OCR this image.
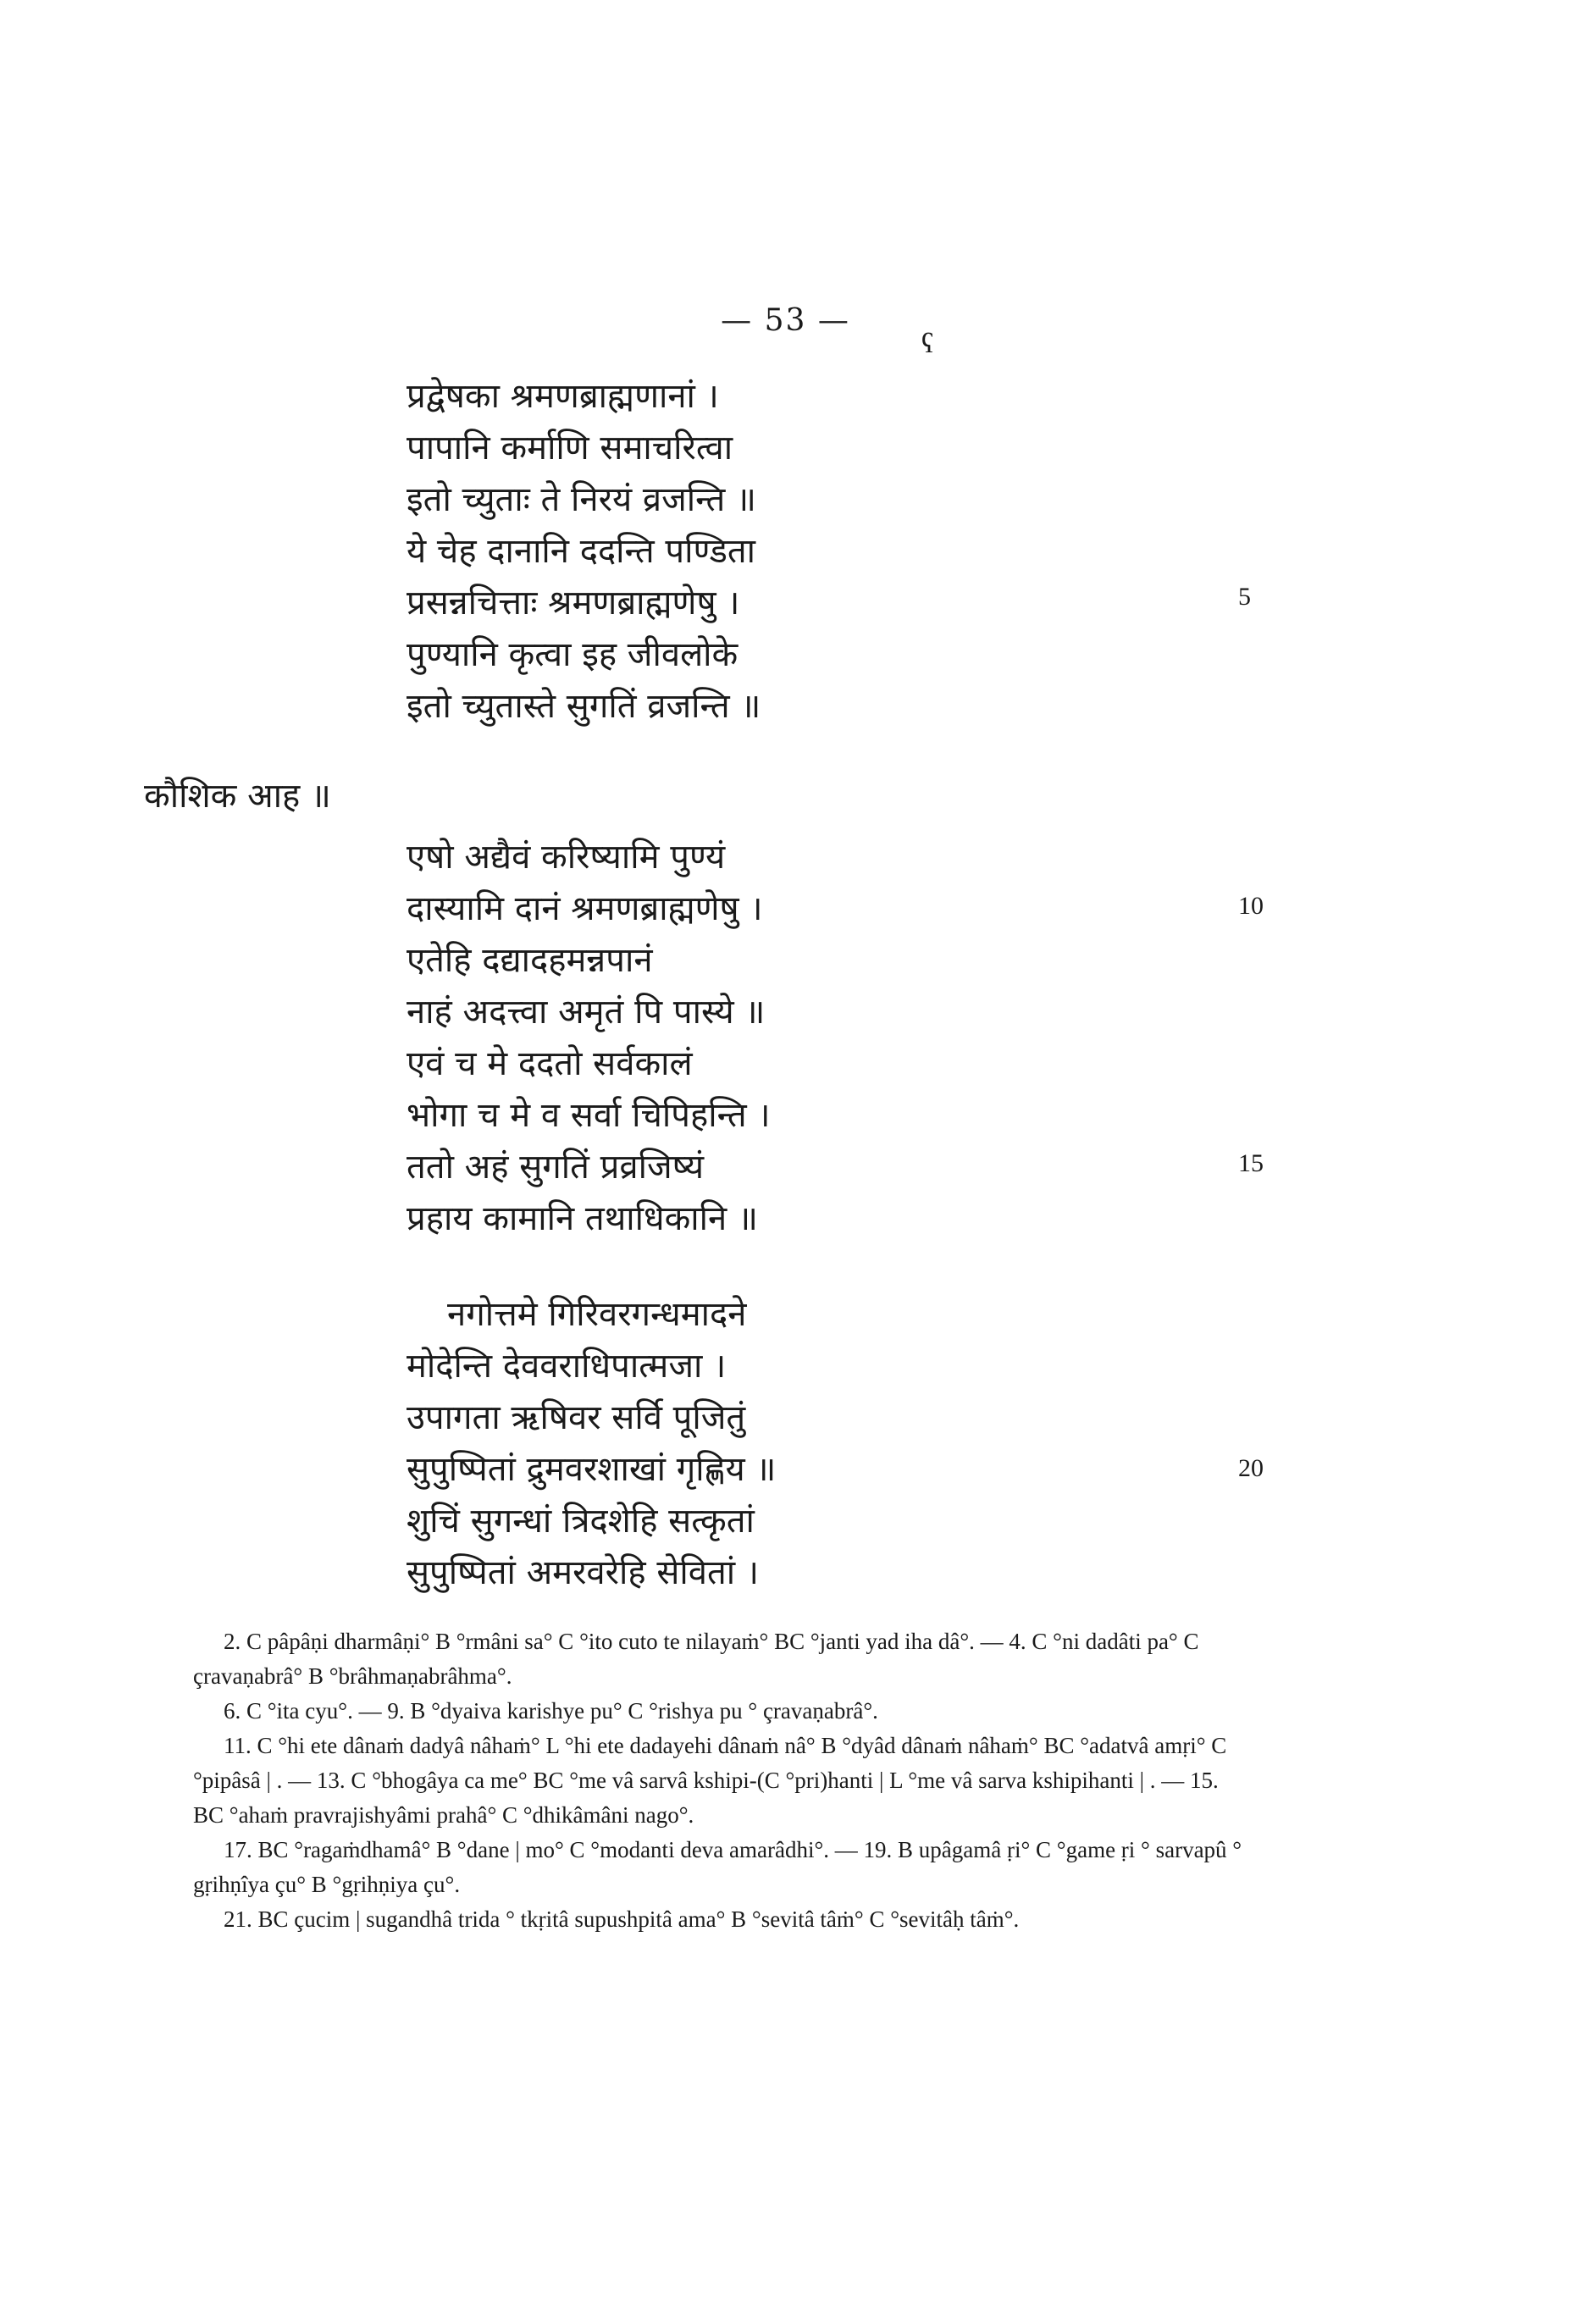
— 53 —	ҁ
प्रद्वेषका श्रमणब्राह्मणानां ।
पापानि कर्माणि समाचरित्वा
इतो च्युताः ते निरयं व्रजन्ति ॥
ये चेह दानानि ददन्ति पण्डिता
प्रसन्नचित्ताः श्रमणब्राह्मणेषु ।
पुण्यानि कृत्वा इह जीवलोके
इतो च्युतास्ते सुगतिं व्रजन्ति ॥
5
कौशिक आह ॥
एषो अद्यैवं करिष्यामि पुण्यं
दास्यामि दानं श्रमणब्राह्मणेषु ।
एतेहि दद्यादहमन्नपानं
नाहं अदत्त्वा अमृतं पि पास्ये ॥
एवं च मे ददतो सर्वकालं
भोगा च मे व सर्वा चिपिहन्ति ।
ततो अहं सुगतिं प्रव्रजिष्यं
प्रहाय कामानि तथाधिकानि ॥
10
15
नगोत्तमे गिरिवरगन्धमादने
मोदेन्ति देववराधिपात्मजा ।
उपागता ऋषिवर सर्वि पूजितुं
सुपुष्पितां द्रुमवरशाखां गृह्णिय ॥
शुचिं सुगन्धां त्रिदशेहि सत्कृतां
सुपुष्पितां अमरवरेहि सेवितां ।
20

2. C pâpâṇi dharmâṇi° B °rmâni sa° C °ito cuto te nilayaṁ° BC °janti yad iha dâ°. — 4. C °ni dadâti pa° C çravaṇabrâ° B °brâhmaṇabrâhma°.

6. C °ita cyu°. — 9. B °dyaiva karishye pu° C °rishya pu ° çravaṇabrâ°.

11. C °hi ete dânaṁ dadyâ nâhaṁ° L °hi ete dadayehi dânaṁ nâ° B °dyâd dânaṁ nâhaṁ° BC °adatvâ amṛi° C °pipâsâ | . — 13. C °bhogâya ca me° BC °me vâ sarvâ kshipi-(C °pri)hanti | L °me vâ sarva kshipihanti | . — 15. BC °ahaṁ pravrajishyâmi prahâ° C °dhikâmâni nago°.

17. BC °ragaṁdhamâ° B °dane | mo° C °modanti deva amarâdhi°. — 19. B upâgamâ ṛi° C °game ṛi ° sarvapû ° gṛihṇîya çu° B °gṛihṇiya çu°.

21. BC çucim | sugandhâ trida ° tkṛitâ supushpitâ ama° B °sevitâ tâṁ° C °sevitâḥ tâṁ°.
